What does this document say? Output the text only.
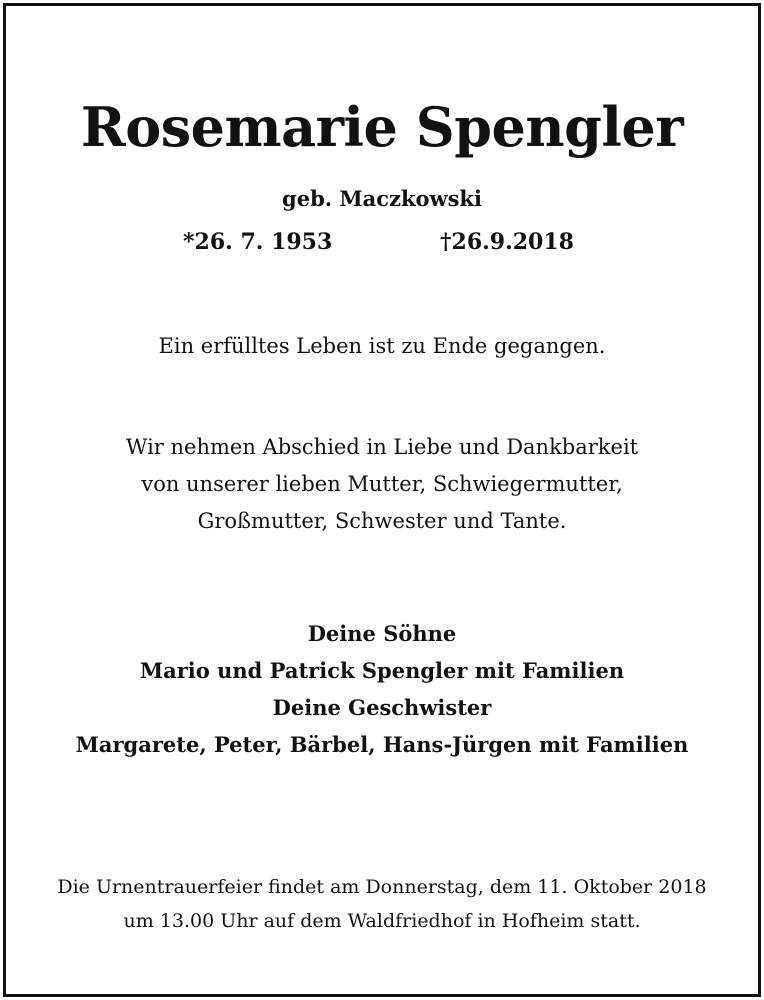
Rosemarie Spengler
geb. Maczkowski
*26. 7. 1953	†26.9.2018
Ein erfülltes Leben ist zu Ende gegangen.
Wir nehmen Abschied in Liebe und Dankbarkeit
von unserer lieben Mutter, Schwiegermutter,
Großmutter, Schwester und Tante.
Deine Söhne
Mario und Patrick Spengler mit Familien
Deine Geschwister
Margarete, Peter, Bärbel, Hans-Jürgen mit Familien
Die Urnentrauerfeier findet am Donnerstag, dem 11. Oktober 2018
um 13.00 Uhr auf dem Waldfriedhof in Hofheim statt.
